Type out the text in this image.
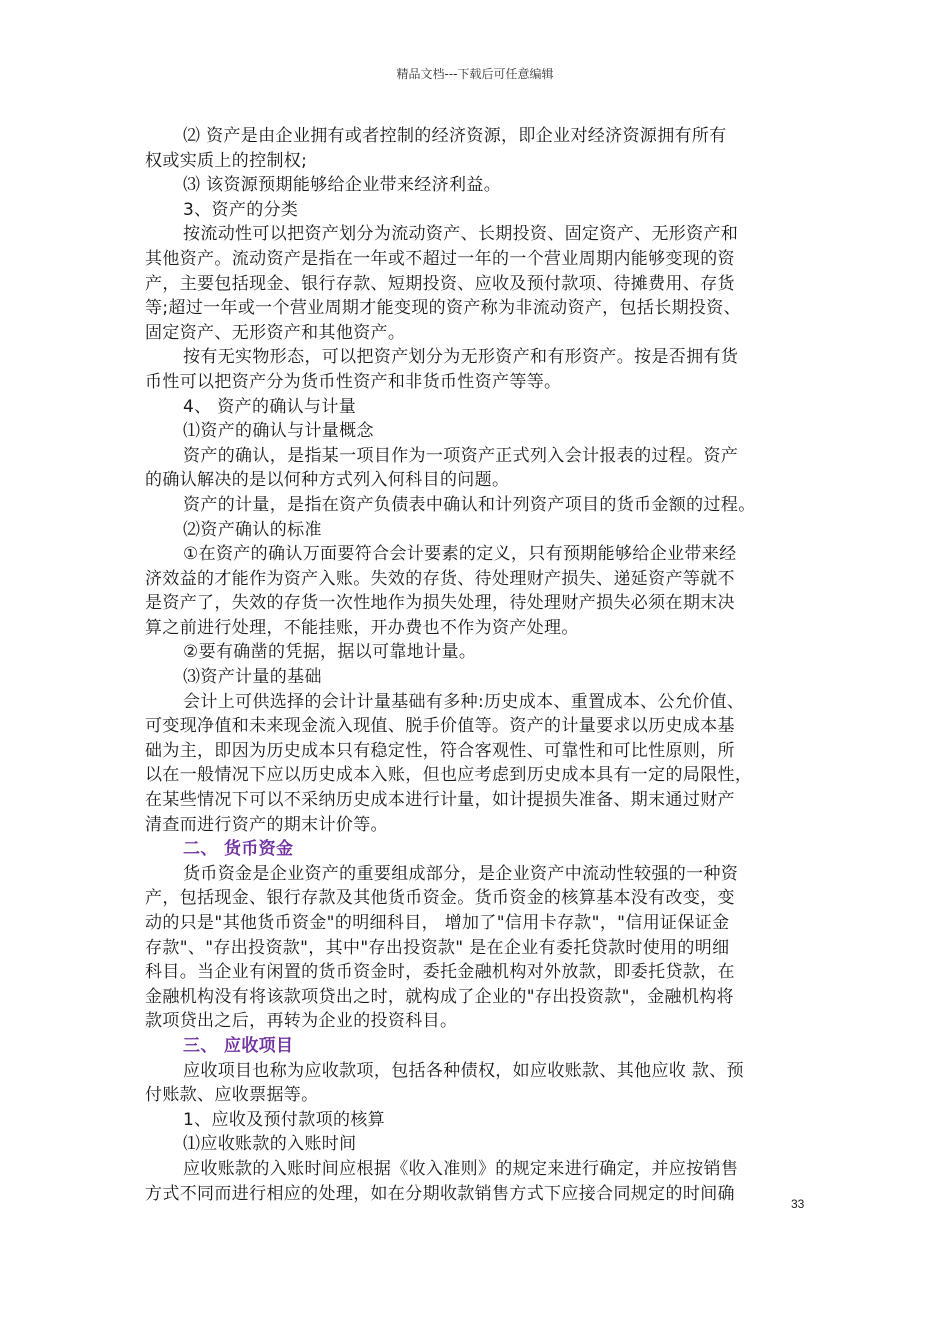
精品文档---下载后可任意编辑
⑵ 资产是由企业拥有或者控制的经济资源，即企业对经济资源拥有所有
权或实质上的控制权;
⑶ 该资源预期能够给企业带来经济利益。
3、资产的分类
按流动性可以把资产划分为流动资产、长期投资、固定资产、无形资产和
其他资产。流动资产是指在一年或不超过一年的一个营业周期内能够变现的资
产，主要包括现金、银行存款、短期投资、应收及预付款项、待摊费用、存货
等;超过一年或一个营业周期才能变现的资产称为非流动资产，包括长期投资、
固定资产、无形资产和其他资产。
按有无实物形态，可以把资产划分为无形资产和有形资产。按是否拥有货
币性可以把资产分为货币性资产和非货币性资产等等。
4、 资产的确认与计量
⑴资产的确认与计量概念
资产的确认，是指某一项目作为一项资产正式列入会计报表的过程。资产
的确认解决的是以何种方式列入何科目的问题。
资产的计量，是指在资产负债表中确认和计列资产项目的货币金额的过程。
⑵资产确认的标准
①在资产的确认万面要符合会计要素的定义，只有预期能够给企业带来经
济效益的才能作为资产入账。失效的存货、待处理财产损失、递延资产等就不
是资产了，失效的存货一次性地作为损失处理，待处理财产损失必须在期末决
算之前进行处理，不能挂账，开办费也不作为资产处理。
②要有确凿的凭据，据以可靠地计量。
⑶资产计量的基础
会计上可供选择的会计计量基础有多种:历史成本、重置成本、公允价值、
可变现净值和未来现金流入现值、脱手价值等。资产的计量要求以历史成本基
础为主，即因为历史成本只有稳定性，符合客观性、可靠性和可比性原则，所
以在一般情况下应以历史成本入账，但也应考虑到历史成本具有一定的局限性，
在某些情况下可以不采纳历史成本进行计量，如计提损失准备、期末通过财产
清查而进行资产的期末计价等。
二、 货币资金
货币资金是企业资产的重要组成部分，是企业资产中流动性较强的一种资
产，包括现金、银行存款及其他货币资金。货币资金的核算基本没有改变，变
动的只是"其他货币资金"的明细科目， 增加了"信用卡存款"，"信用证保证金
存款"、"存出投资款"，其中"存出投资款" 是在企业有委托贷款时使用的明细
科目。当企业有闲置的货币资金时，委托金融机构对外放款，即委托贷款，在
金融机构没有将该款项贷出之时，就构成了企业的"存出投资款"，金融机构将
款项贷出之后，再转为企业的投资科目。
三、 应收项目
应收项目也称为应收款项，包括各种债权，如应收账款、其他应收 款、预
付账款、应收票据等。
1、应收及预付款项的核算
⑴应收账款的入账时间
应收账款的入账时间应根据《收入准则》的规定来进行确定，并应按销售
方式不同而进行相应的处理，如在分期收款销售方式下应接合同规定的时间确
33
